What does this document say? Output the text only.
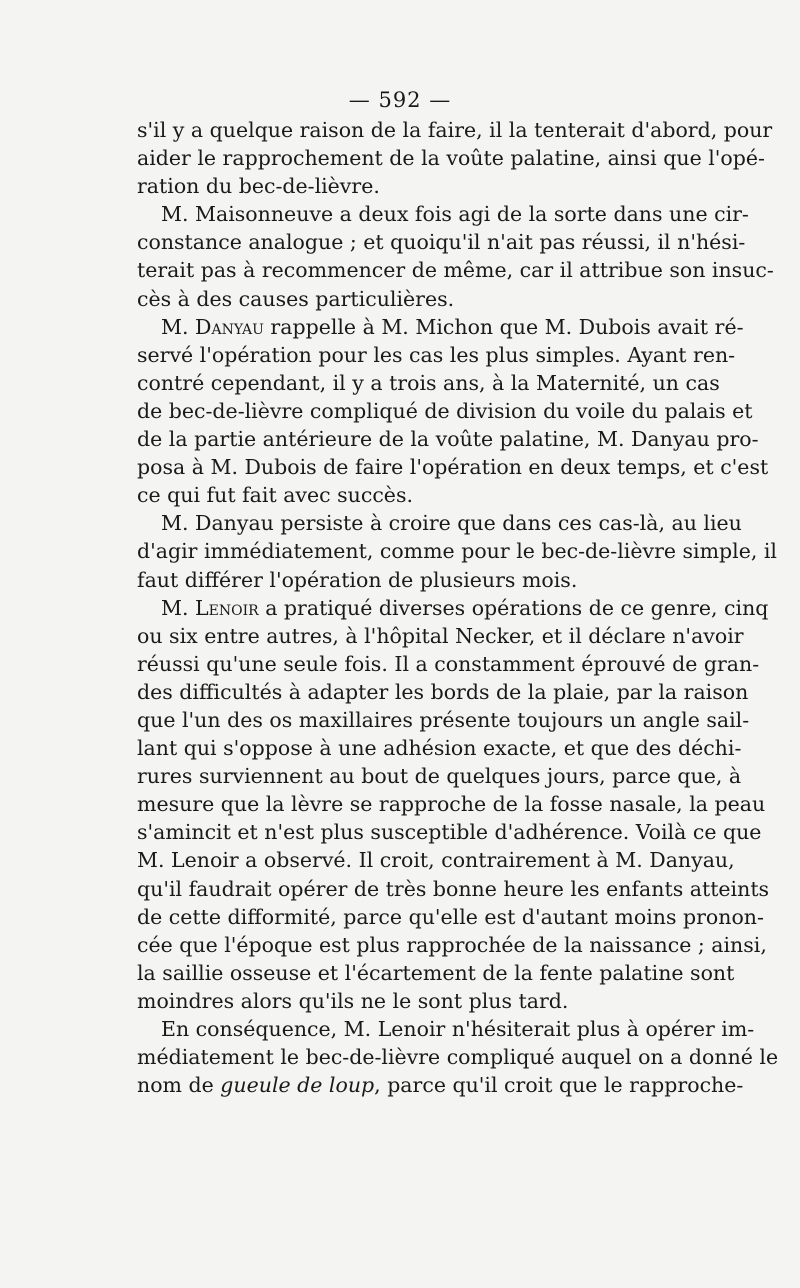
— 592 —
s'il y a quelque raison de la faire, il la tenterait d'abord, pour
aider le rapprochement de la voûte palatine, ainsi que l'opé-
ration du bec-de-lièvre.
M. Maisonneuve a deux fois agi de la sorte dans une cir-
constance analogue ; et quoiqu'il n'ait pas réussi, il n'hési-
terait pas à recommencer de même, car il attribue son insuc-
cès à des causes particulières.
M. Danyau rappelle à M. Michon que M. Dubois avait ré-
servé l'opération pour les cas les plus simples. Ayant ren-
contré cependant, il y a trois ans, à la Maternité, un cas
de bec-de-lièvre compliqué de division du voile du palais et
de la partie antérieure de la voûte palatine, M. Danyau pro-
posa à M. Dubois de faire l'opération en deux temps, et c'est
ce qui fut fait avec succès.
M. Danyau persiste à croire que dans ces cas-là, au lieu
d'agir immédiatement, comme pour le bec-de-lièvre simple, il
faut différer l'opération de plusieurs mois.
M. Lenoir a pratiqué diverses opérations de ce genre, cinq
ou six entre autres, à l'hôpital Necker, et il déclare n'avoir
réussi qu'une seule fois. Il a constamment éprouvé de gran-
des difficultés à adapter les bords de la plaie, par la raison
que l'un des os maxillaires présente toujours un angle sail-
lant qui s'oppose à une adhésion exacte, et que des déchi-
rures surviennent au bout de quelques jours, parce que, à
mesure que la lèvre se rapproche de la fosse nasale, la peau
s'amincit et n'est plus susceptible d'adhérence. Voilà ce que
M. Lenoir a observé. Il croit, contrairement à M. Danyau,
qu'il faudrait opérer de très bonne heure les enfants atteints
de cette difformité, parce qu'elle est d'autant moins pronon-
cée que l'époque est plus rapprochée de la naissance ; ainsi,
la saillie osseuse et l'écartement de la fente palatine sont
moindres alors qu'ils ne le sont plus tard.
En conséquence, M. Lenoir n'hésiterait plus à opérer im-
médiatement le bec-de-lièvre compliqué auquel on a donné le
nom de gueule de loup, parce qu'il croit que le rapproche-
